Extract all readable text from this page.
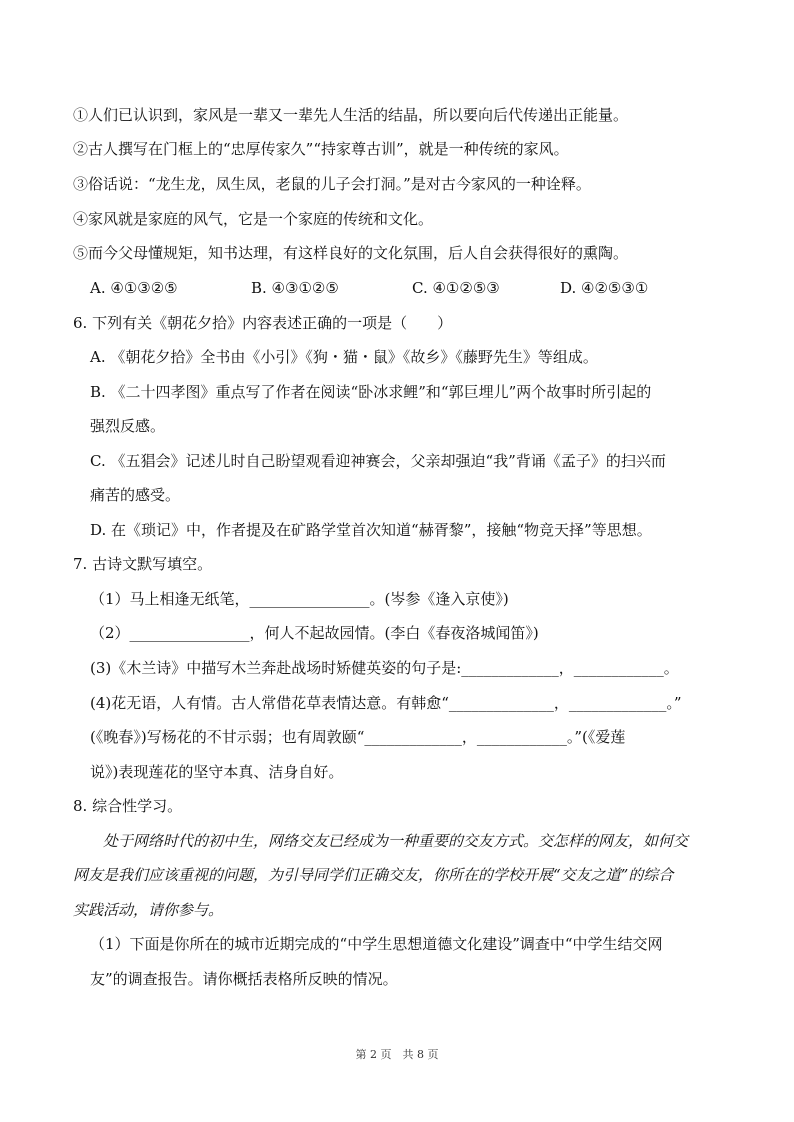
①人们已认识到，家风是一辈又一辈先人生活的结晶，所以要向后代传递出正能量。
②古人撰写在门框上的“忠厚传家久”“持家尊古训”，就是一种传统的家风。
③俗话说：“龙生龙，凤生凤，老鼠的儿子会打洞。”是对古今家风的一种诠释。
④家风就是家庭的风气，它是一个家庭的传统和文化。
⑤而今父母懂规矩，知书达理，有这样良好的文化氛围，后人自会获得很好的熏陶。
A. ④①③②⑤	B. ④③①②⑤	C. ④①②⑤③	D. ④②⑤③①
6. 下列有关《朝花夕拾》内容表述正确的一项是（　　）
A. 《朝花夕拾》全书由《小引》《狗・猫・鼠》《故乡》《藤野先生》等组成。
B. 《二十四孝图》重点写了作者在阅读“卧冰求鲤”和“郭巨埋儿”两个故事时所引起的
强烈反感。
C. 《五猖会》记述儿时自己盼望观看迎神赛会，父亲却强迫“我”背诵《孟子》的扫兴而
痛苦的感受。
D. 在《琐记》中，作者提及在矿路学堂首次知道“赫胥黎”，接触“物竞天择”等思想。
7. 古诗文默写填空。
（1）马上相逢无纸笔，________________。(岑参《逢入京使》)
（2）________________，何人不起故园情。(李白《春夜洛城闻笛》)
(3)《木兰诗》中描写木兰奔赴战场时矫健英姿的句子是:_____________，____________。
(4)花无语，人有情。古人常借花草表情达意。有韩愈“______________，_____________。”
(《晚春》)写杨花的不甘示弱；也有周敦颐“_____________，____________。”(《爱莲
说》)表现莲花的坚守本真、洁身自好。
8. 综合性学习。
处于网络时代的初中生，网络交友已经成为一种重要的交友方式。交怎样的网友，如何交
网友是我们应该重视的问题，为引导同学们正确交友，你所在的学校开展“交友之道”的综合
实践活动，请你参与。
（1）下面是你所在的城市近期完成的“中学生思想道德文化建设”调查中“中学生结交网
友”的调查报告。请你概括表格所反映的情况。
第 2 页　共 8 页
